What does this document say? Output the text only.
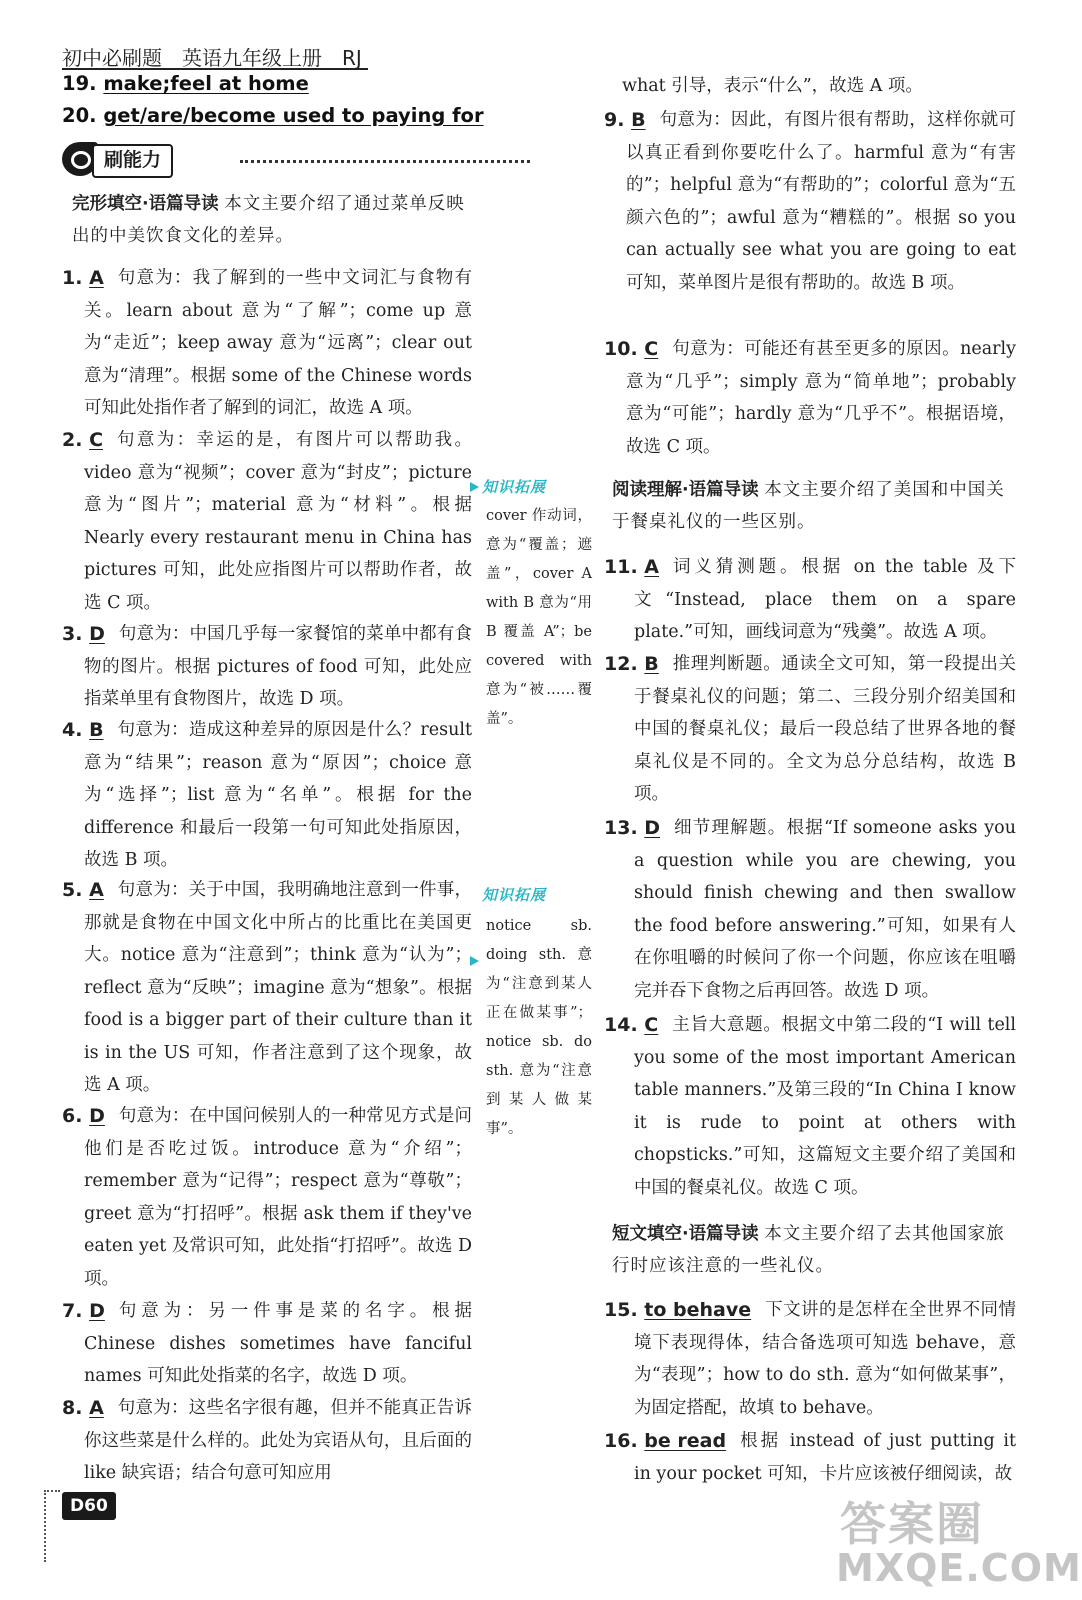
初中必刷题　英语九年级上册　RJ
19. make;feel at home
20. get/are/become used to paying for
刷能力
完形填空·语篇导读 本文主要介绍了通过菜单反映出的中美饮食文化的差异。
1. A 句意为：我了解到的一些中文词汇与食物有关。learn about 意为“了解”；come up 意为“走近”；keep away 意为“远离”；clear out 意为“清理”。根据 some of the Chinese words 可知此处指作者了解到的词汇，故选 A 项。
2. C 句意为：幸运的是，有图片可以帮助我。video 意为“视频”；cover 意为“封皮”；picture 意为“图片”；material 意为“材料”。根据 Nearly every restaurant menu in China has pictures 可知，此处应指图片可以帮助作者，故选 C 项。
3. D 句意为：中国几乎每一家餐馆的菜单中都有食物的图片。根据 pictures of food 可知，此处应指菜单里有食物图片，故选 D 项。
4. B 句意为：造成这种差异的原因是什么？result 意为“结果”；reason 意为“原因”；choice 意为“选择”；list 意为“名单”。根据 for the difference 和最后一段第一句可知此处指原因，故选 B 项。
5. A 句意为：关于中国，我明确地注意到一件事，那就是食物在中国文化中所占的比重比在美国更大。notice 意为“注意到”；think 意为“认为”；reflect 意为“反映”；imagine 意为“想象”。根据 food is a bigger part of their culture than it is in the US 可知，作者注意到了这个现象，故选 A 项。
6. D 句意为：在中国问候别人的一种常见方式是问他们是否吃过饭。introduce 意为“介绍”；remember 意为“记得”；respect 意为“尊敬”；greet 意为“打招呼”。根据 ask them if they've eaten yet 及常识可知，此处指“打招呼”。故选 D 项。
7. D 句意为：另一件事是菜的名字。根据 Chinese dishes sometimes have fanciful names 可知此处指菜的名字，故选 D 项。
8. A 句意为：这些名字很有趣，但并不能真正告诉你这些菜是什么样的。此处为宾语从句，且后面的 like 缺宾语；结合句意可知应用
知识拓展
cover 作动词，意为“覆盖；遮盖”，cover A with B 意为“用 B 覆盖 A”；be covered with 意为“被……覆盖”。
知识拓展
notice sb. doing sth. 意为“注意到某人正在做某事”；notice sb. do sth. 意为“注意到某人做某事”。
what 引导，表示“什么”，故选 A 项。
9. B 句意为：因此，有图片很有帮助，这样你就可以真正看到你要吃什么了。harmful 意为“有害的”；helpful 意为“有帮助的”；colorful 意为“五颜六色的”；awful 意为“糟糕的”。根据 so you can actually see what you are going to eat 可知，菜单图片是很有帮助的。故选 B 项。
10. C 句意为：可能还有甚至更多的原因。nearly 意为“几乎”；simply 意为“简单地”；probably 意为“可能”；hardly 意为“几乎不”。根据语境，故选 C 项。
阅读理解·语篇导读 本文主要介绍了美国和中国关于餐桌礼仪的一些区别。
11. A 词义猜测题。根据 on the table 及下文“Instead, place them on a spare plate.”可知，画线词意为“残羹”。故选 A 项。
12. B 推理判断题。通读全文可知，第一段提出关于餐桌礼仪的问题；第二、三段分别介绍美国和中国的餐桌礼仪；最后一段总结了世界各地的餐桌礼仪是不同的。全文为总分总结构，故选 B 项。
13. D 细节理解题。根据“If someone asks you a question while you are chewing, you should finish chewing and then swallow the food before answering.”可知，如果有人在你咀嚼的时候问了你一个问题，你应该在咀嚼完并吞下食物之后再回答。故选 D 项。
14. C 主旨大意题。根据文中第二段的“I will tell you some of the most important American table manners.”及第三段的“In China I know it is rude to point at others with chopsticks.”可知，这篇短文主要介绍了美国和中国的餐桌礼仪。故选 C 项。
短文填空·语篇导读 本文主要介绍了去其他国家旅行时应该注意的一些礼仪。
15. to behave 下文讲的是怎样在全世界不同情境下表现得体，结合备选项可知选 behave，意为“表现”；how to do sth. 意为“如何做某事”，为固定搭配，故填 to behave。
16. be read 根据 instead of just putting it in your pocket 可知，卡片应该被仔细阅读，故
D60	答案圈
MXQE.COM
